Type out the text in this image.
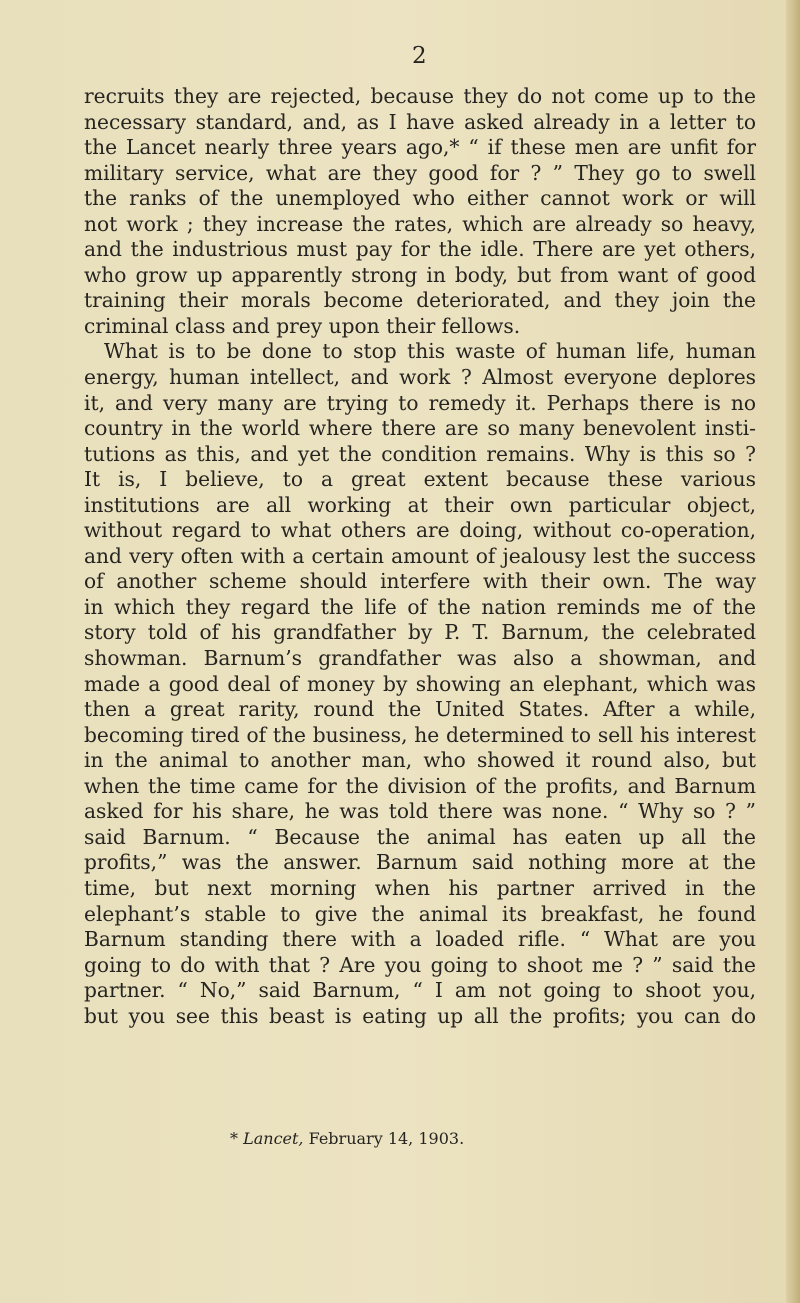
2
recruits they are rejected, because they do not come up to the
necessary standard, and, as I have asked already in a letter to
the Lancet nearly three years ago,* “ if these men are unfit for
military service, what are they good for ? ” They go to swell
the ranks of the unemployed who either cannot work or will
not work ; they increase the rates, which are already so heavy,
and the industrious must pay for the idle. There are yet others,
who grow up apparently strong in body, but from want of good
training their morals become deteriorated, and they join the
criminal class and prey upon their fellows.
What is to be done to stop this waste of human life, human
energy, human intellect, and work ? Almost everyone deplores
it, and very many are trying to remedy it. Perhaps there is no
country in the world where there are so many benevolent insti-
tutions as this, and yet the condition remains. Why is this so ?
It is, I believe, to a great extent because these various
institutions are all working at their own particular object,
without regard to what others are doing, without co-operation,
and very often with a certain amount of jealousy lest the success
of another scheme should interfere with their own. The way
in which they regard the life of the nation reminds me of the
story told of his grandfather by P. T. Barnum, the celebrated
showman. Barnum’s grandfather was also a showman, and
made a good deal of money by showing an elephant, which was
then a great rarity, round the United States. After a while,
becoming tired of the business, he determined to sell his interest
in the animal to another man, who showed it round also, but
when the time came for the division of the profits, and Barnum
asked for his share, he was told there was none. “ Why so ? ”
said Barnum. “ Because the animal has eaten up all the
profits,” was the answer. Barnum said nothing more at the
time, but next morning when his partner arrived in the
elephant’s stable to give the animal its breakfast, he found
Barnum standing there with a loaded rifle. “ What are you
going to do with that ? Are you going to shoot me ? ” said the
partner. “ No,” said Barnum, “ I am not going to shoot you,
but you see this beast is eating up all the profits; you can do
* Lancet, February 14, 1903.
